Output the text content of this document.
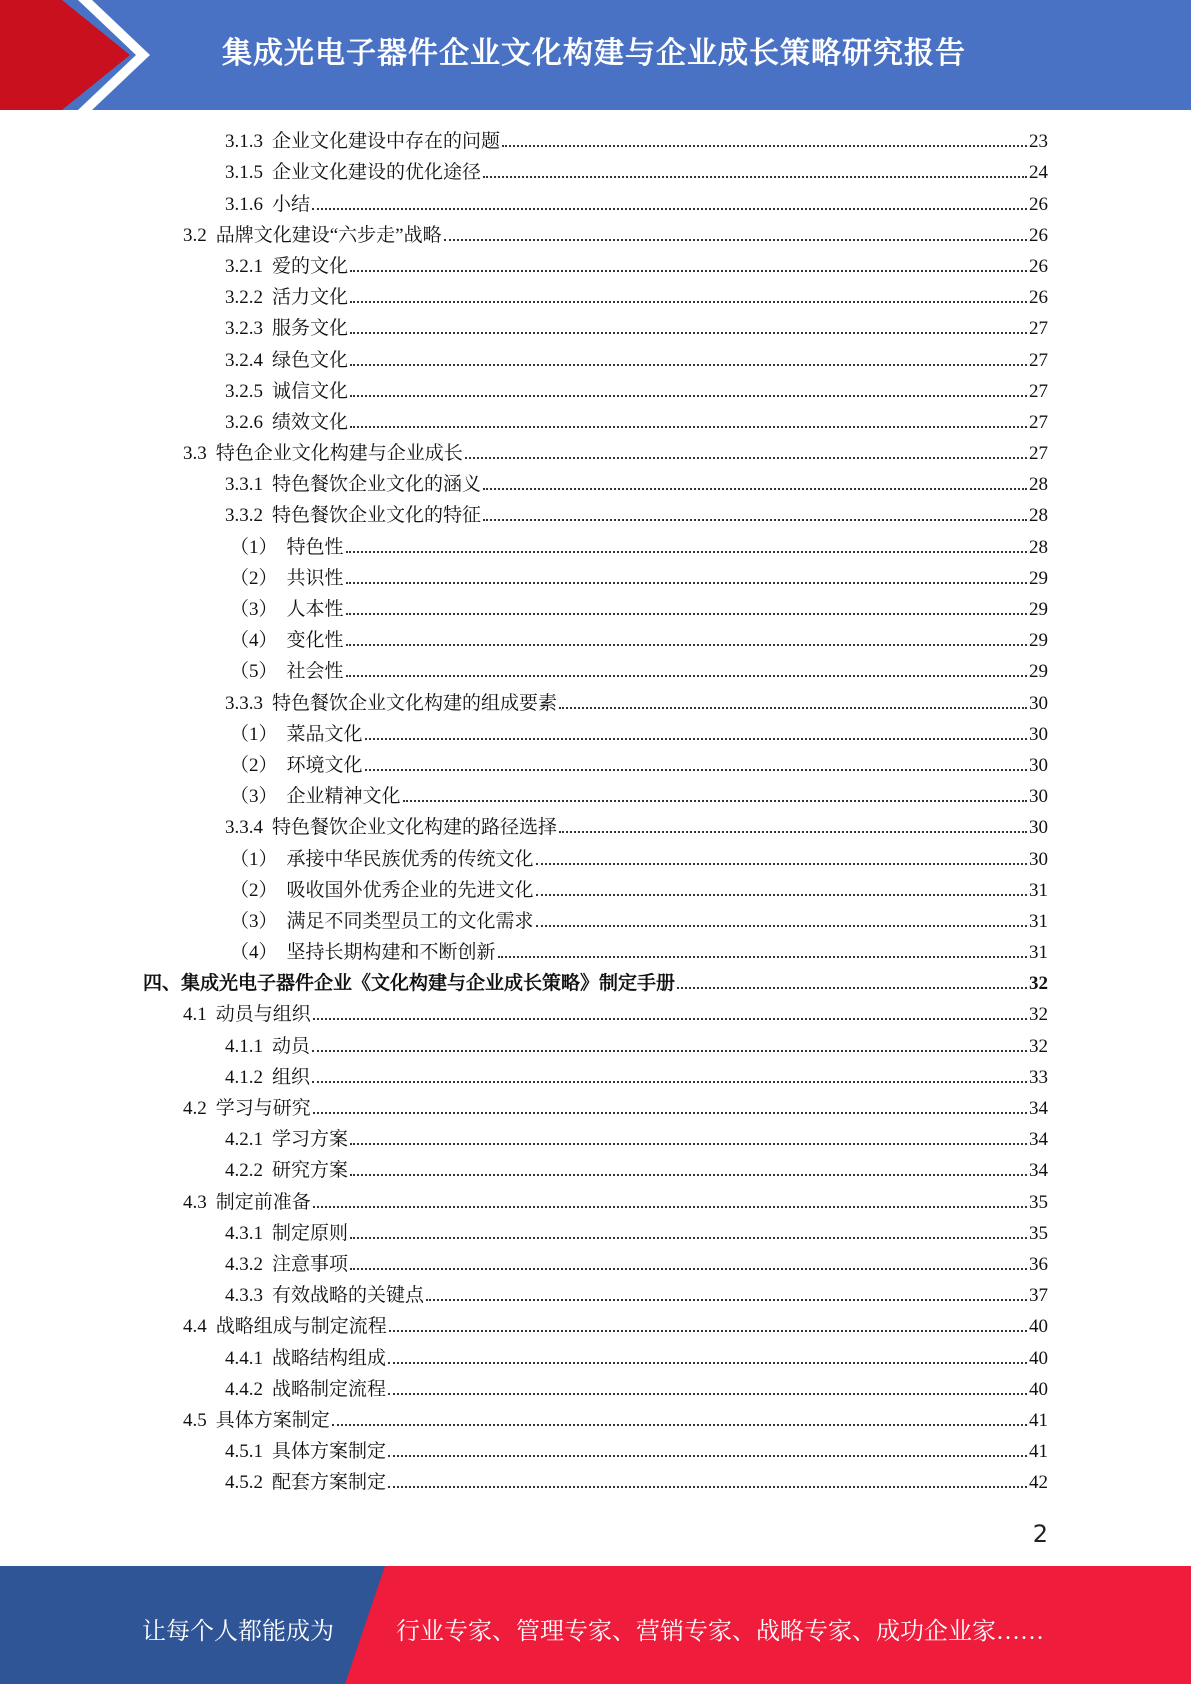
集成光电子器件企业文化构建与企业成长策略研究报告
3.1.3 企业文化建设中存在的问题	23
3.1.5 企业文化建设的优化途径	24
3.1.6 小结	26
3.2 品牌文化建设“六步走”战略	26
3.2.1 爱的文化	26
3.2.2 活力文化	26
3.2.3 服务文化	27
3.2.4 绿色文化	27
3.2.5 诚信文化	27
3.2.6 绩效文化	27
3.3 特色企业文化构建与企业成长	27
3.3.1 特色餐饮企业文化的涵义	28
3.3.2 特色餐饮企业文化的特征	28
（1） 特色性	28
（2） 共识性	29
（3） 人本性	29
（4） 变化性	29
（5） 社会性	29
3.3.3 特色餐饮企业文化构建的组成要素	30
（1） 菜品文化	30
（2） 环境文化	30
（3） 企业精神文化	30
3.3.4 特色餐饮企业文化构建的路径选择	30
（1） 承接中华民族优秀的传统文化	30
（2） 吸收国外优秀企业的先进文化	31
（3） 满足不同类型员工的文化需求	31
（4） 坚持长期构建和不断创新	31
四、集成光电子器件企业《文化构建与企业成长策略》制定手册	32
4.1 动员与组织	32
4.1.1 动员	32
4.1.2 组织	33
4.2 学习与研究	34
4.2.1 学习方案	34
4.2.2 研究方案	34
4.3 制定前准备	35
4.3.1 制定原则	35
4.3.2 注意事项	36
4.3.3 有效战略的关键点	37
4.4 战略组成与制定流程	40
4.4.1 战略结构组成	40
4.4.2 战略制定流程	40
4.5 具体方案制定	41
4.5.1 具体方案制定	41
4.5.2 配套方案制定	42
2
让每个人都能成为	行业专家、管理专家、营销专家、战略专家、成功企业家……
